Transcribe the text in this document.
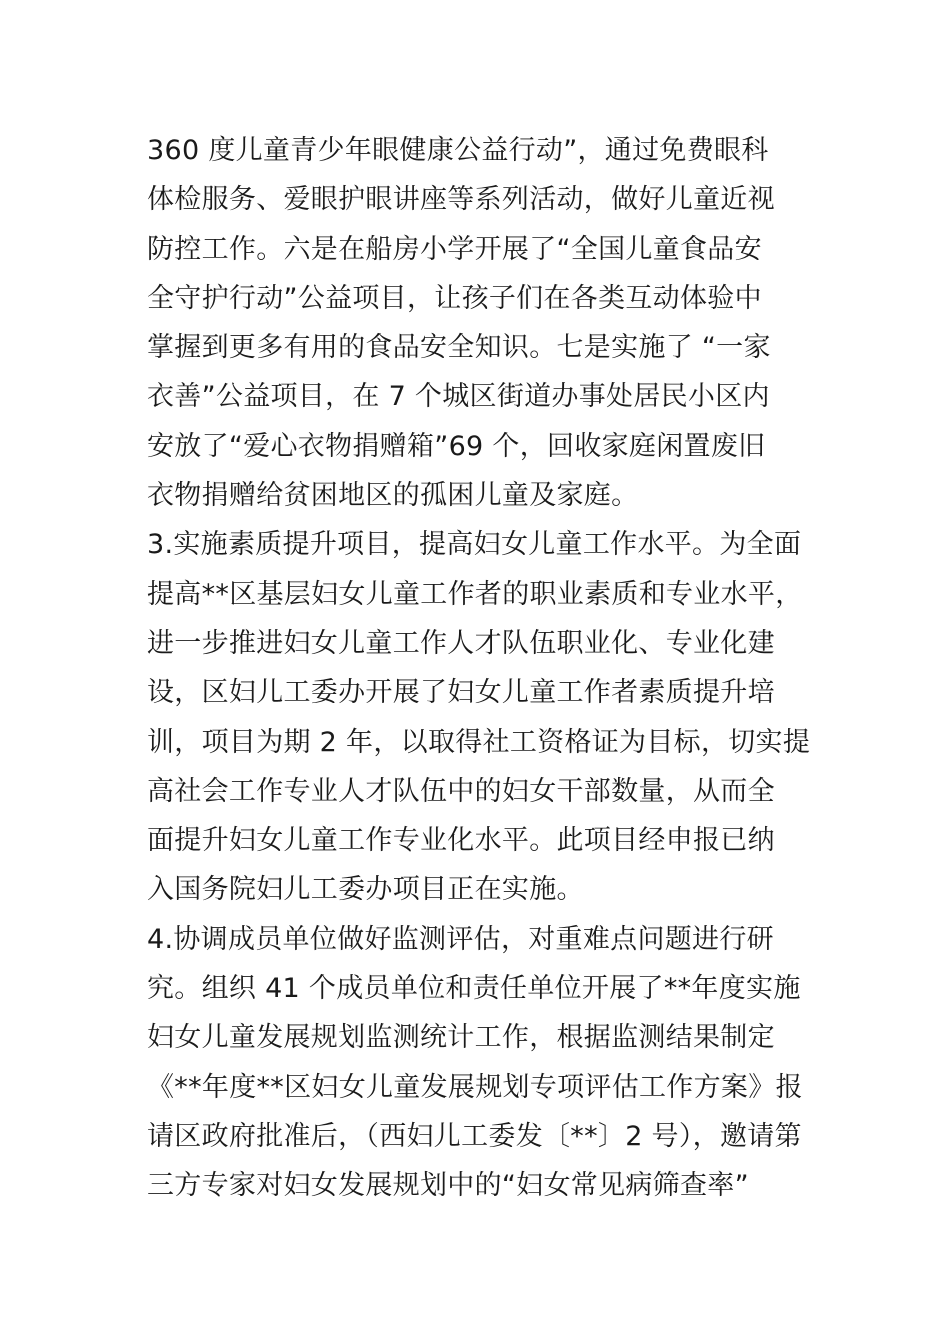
360 度儿童青少年眼健康公益行动”，通过免费眼科
体检服务、爱眼护眼讲座等系列活动，做好儿童近视
防控工作。六是在船房小学开展了“全国儿童食品安
全守护行动”公益项目，让孩子们在各类互动体验中
掌握到更多有用的食品安全知识。七是实施了 “一家
衣善”公益项目，在 7 个城区街道办事处居民小区内
安放了“爱心衣物捐赠箱”69 个，回收家庭闲置废旧
衣物捐赠给贫困地区的孤困儿童及家庭。
3.实施素质提升项目，提高妇女儿童工作水平。为全面
提高**区基层妇女儿童工作者的职业素质和专业水平，
进一步推进妇女儿童工作人才队伍职业化、专业化建
设，区妇儿工委办开展了妇女儿童工作者素质提升培
训，项目为期 2 年，以取得社工资格证为目标，切实提
高社会工作专业人才队伍中的妇女干部数量，从而全
面提升妇女儿童工作专业化水平。此项目经申报已纳
入国务院妇儿工委办项目正在实施。
4.协调成员单位做好监测评估，对重难点问题进行研
究。组织 41 个成员单位和责任单位开展了**年度实施
妇女儿童发展规划监测统计工作，根据监测结果制定
《**年度**区妇女儿童发展规划专项评估工作方案》报
请区政府批准后，（西妇儿工委发〔**〕2 号），邀请第
三方专家对妇女发展规划中的“妇女常见病筛查率”
